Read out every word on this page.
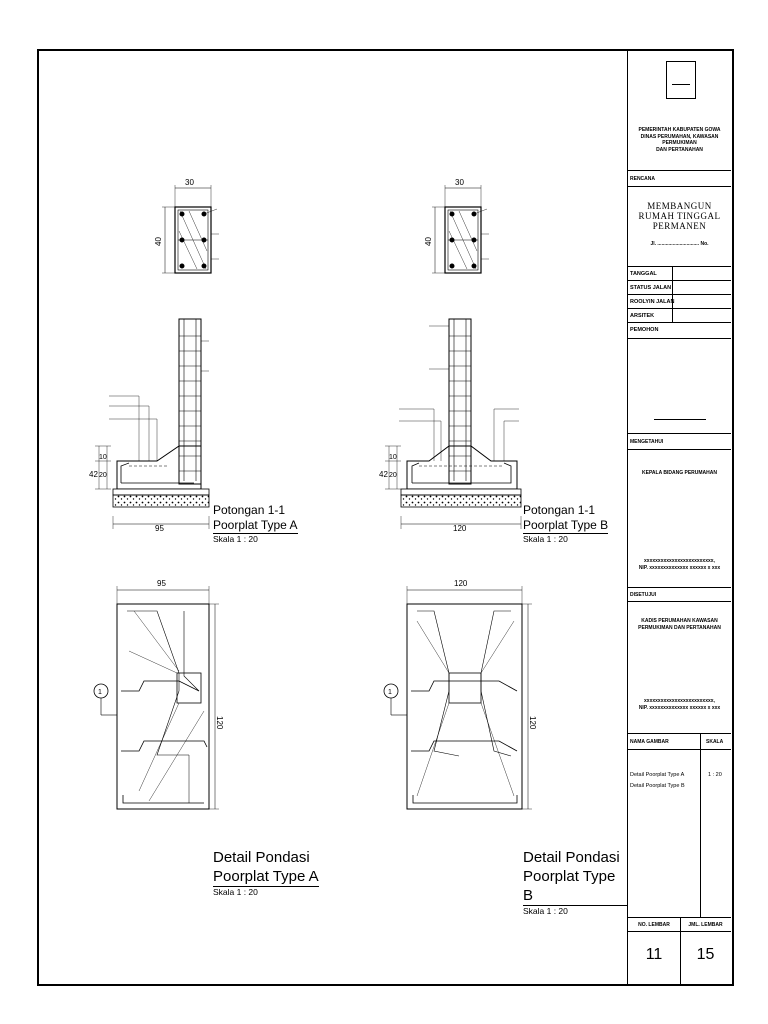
30
40
30
40
95
10
20
42
120
10
20
42
95
120
1
120
120
1
Potongan 1-1
Poorplat Type A
Skala 1 : 20
Potongan 1-1
Poorplat Type B
Skala 1 : 20
Detail Pondasi
Poorplat Type A
Skala 1 : 20
Detail Pondasi
Poorplat Type B
Skala 1 : 20
PEMERINTAH KABUPATEN GOWA
DINAS PERUMAHAN, KAWASAN PERMUKIMAN
DAN PERTANAHAN
RENCANA
MEMBANGUN
RUMAH TINGGAL
PERMANEN
Jl. .............................. No.
TANGGAL
STATUS JALAN
ROOLYIN JALAN
ARSITEK
PEMOHON
MENGETAHUI
KEPALA BIDANG PERUMAHAN
xxxxxxxxxxxxxxxxxxxxxxxxx,
NIP. xxxxxxxxxxxxxx xxxxxx x xxx
DISETUJUI
KADIS PERUMAHAN KAWASAN
PERMUKIMAN DAN PERTANAHAN
xxxxxxxxxxxxxxxxxxxxxxxxx,
NIP. xxxxxxxxxxxxxx xxxxxx x xxx
NAMA GAMBAR	SKALA
Detail Poorplat Type A
Detail Poorplat Type B
1 : 20
NO. LEMBAR	JML. LEMBAR
11	15
